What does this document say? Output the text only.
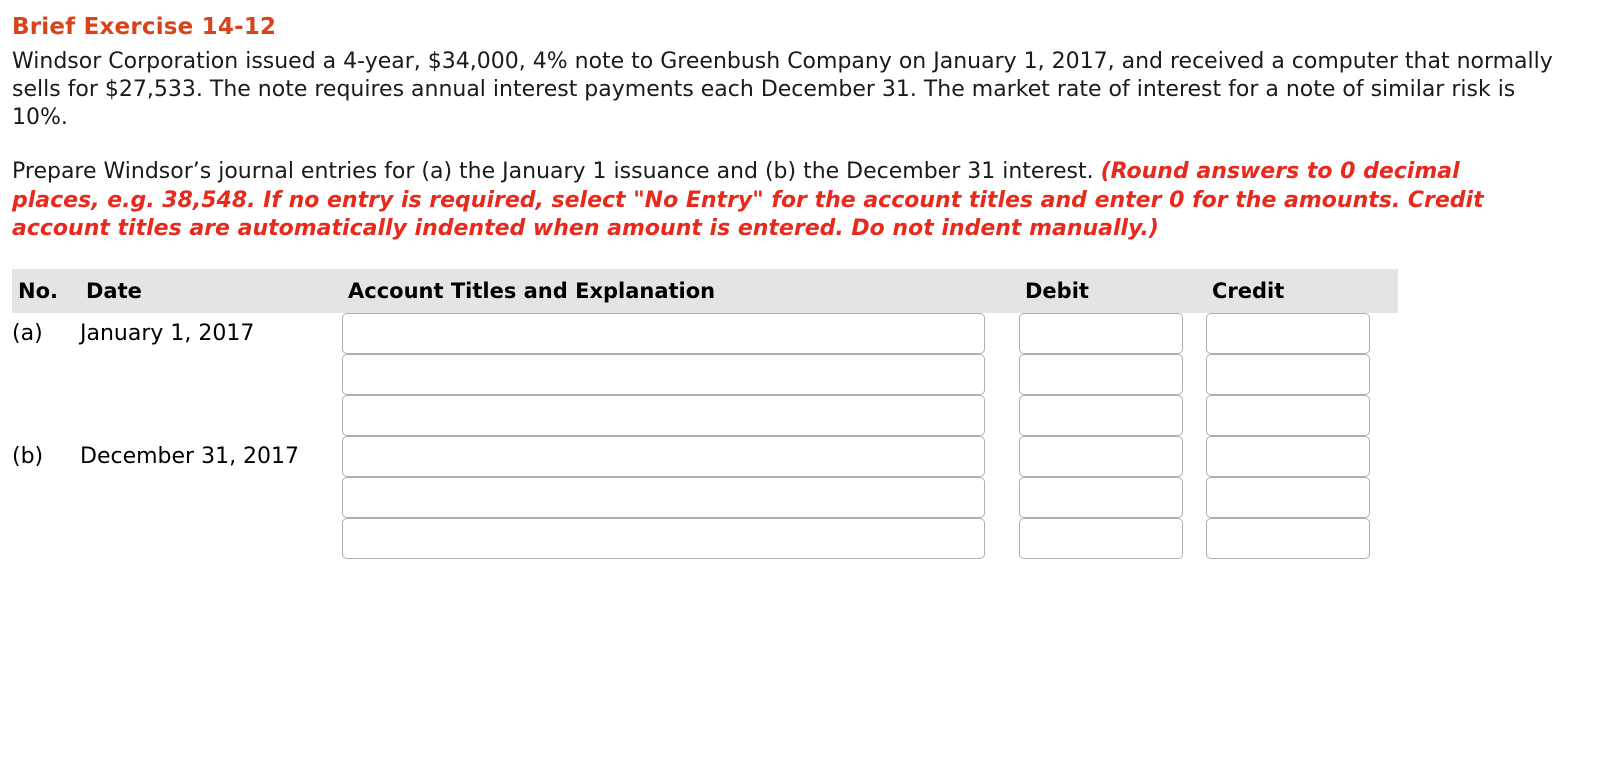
Brief Exercise 14-12

Windsor Corporation issued a 4-year, $34,000, 4% note to Greenbush Company on January 1, 2017, and received a computer that normally sells for $27,533. The note requires annual interest payments each December 31. The market rate of interest for a note of similar risk is 10%.

Prepare Windsor’s journal entries for (a) the January 1 issuance and (b) the December 31 interest. (Round answers to 0 decimal places, e.g. 38,548. If no entry is required, select "No Entry" for the account titles and enter 0 for the amounts. Credit account titles are automatically indented when amount is entered. Do not indent manually.)

No.	Date	Account Titles and Explanation	Debit	Credit
(a)	January 1, 2017			

(b)	December 31, 2017			
